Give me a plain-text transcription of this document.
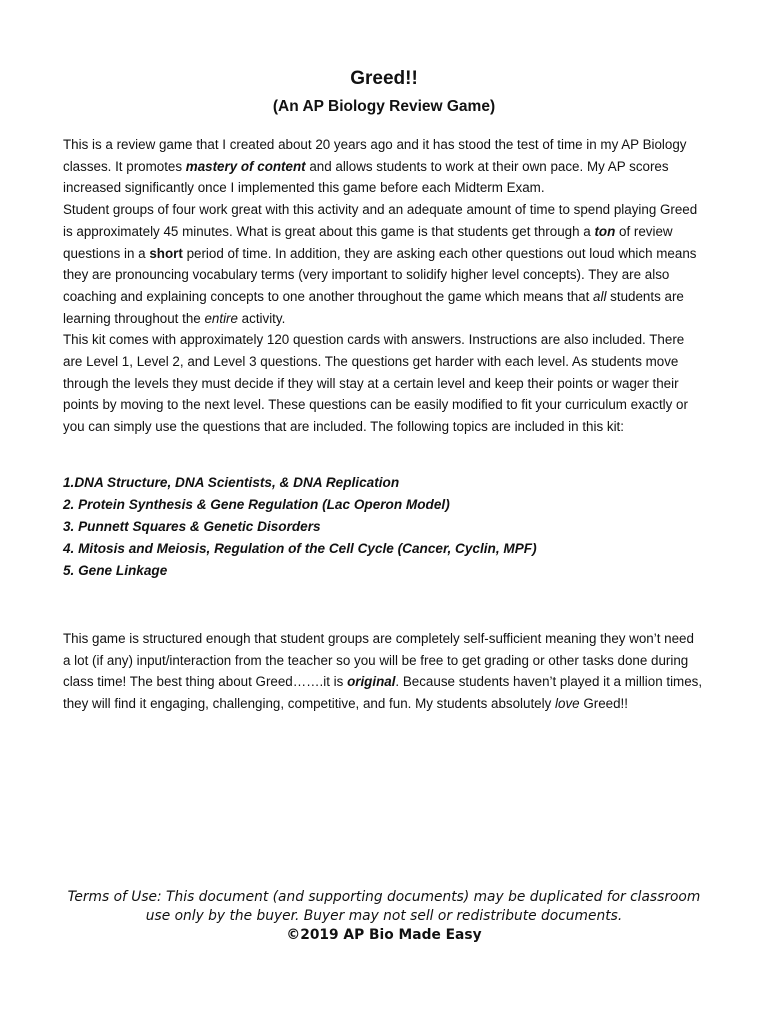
Greed!!
(An AP Biology Review Game)

This is a review game that I created about 20 years ago and it has stood the test of time in my AP Biology classes. It promotes mastery of content and allows students to work at their own pace. My AP scores increased significantly once I implemented this game before each Midterm Exam.

Student groups of four work great with this activity and an adequate amount of time to spend playing Greed is approximately 45 minutes. What is great about this game is that students get through a ton of review questions in a short period of time. In addition, they are asking each other questions out loud which means they are pronouncing vocabulary terms (very important to solidify higher level concepts). They are also coaching and explaining concepts to one another throughout the game which means that all students are learning throughout the entire activity.

This kit comes with approximately 120 question cards with answers. Instructions are also included. There are Level 1, Level 2, and Level 3 questions. The questions get harder with each level. As students move through the levels they must decide if they will stay at a certain level and keep their points or wager their points by moving to the next level. These questions can be easily modified to fit your curriculum exactly or you can simply use the questions that are included. The following topics are included in this kit:

1.DNA Structure, DNA Scientists, & DNA Replication
2. Protein Synthesis & Gene Regulation (Lac Operon Model)
3. Punnett Squares & Genetic Disorders
4. Mitosis and Meiosis, Regulation of the Cell Cycle (Cancer, Cyclin, MPF)
5. Gene Linkage

This game is structured enough that student groups are completely self-sufficient meaning they won’t need a lot (if any) input/interaction from the teacher so you will be free to get grading or other tasks done during class time! The best thing about Greed…….it is original. Because students haven’t played it a million times, they will find it engaging, challenging, competitive, and fun. My students absolutely love Greed!!

Terms of Use: This document (and supporting documents) may be duplicated for classroom
use only by the buyer. Buyer may not sell or redistribute documents.
©2019 AP Bio Made Easy
